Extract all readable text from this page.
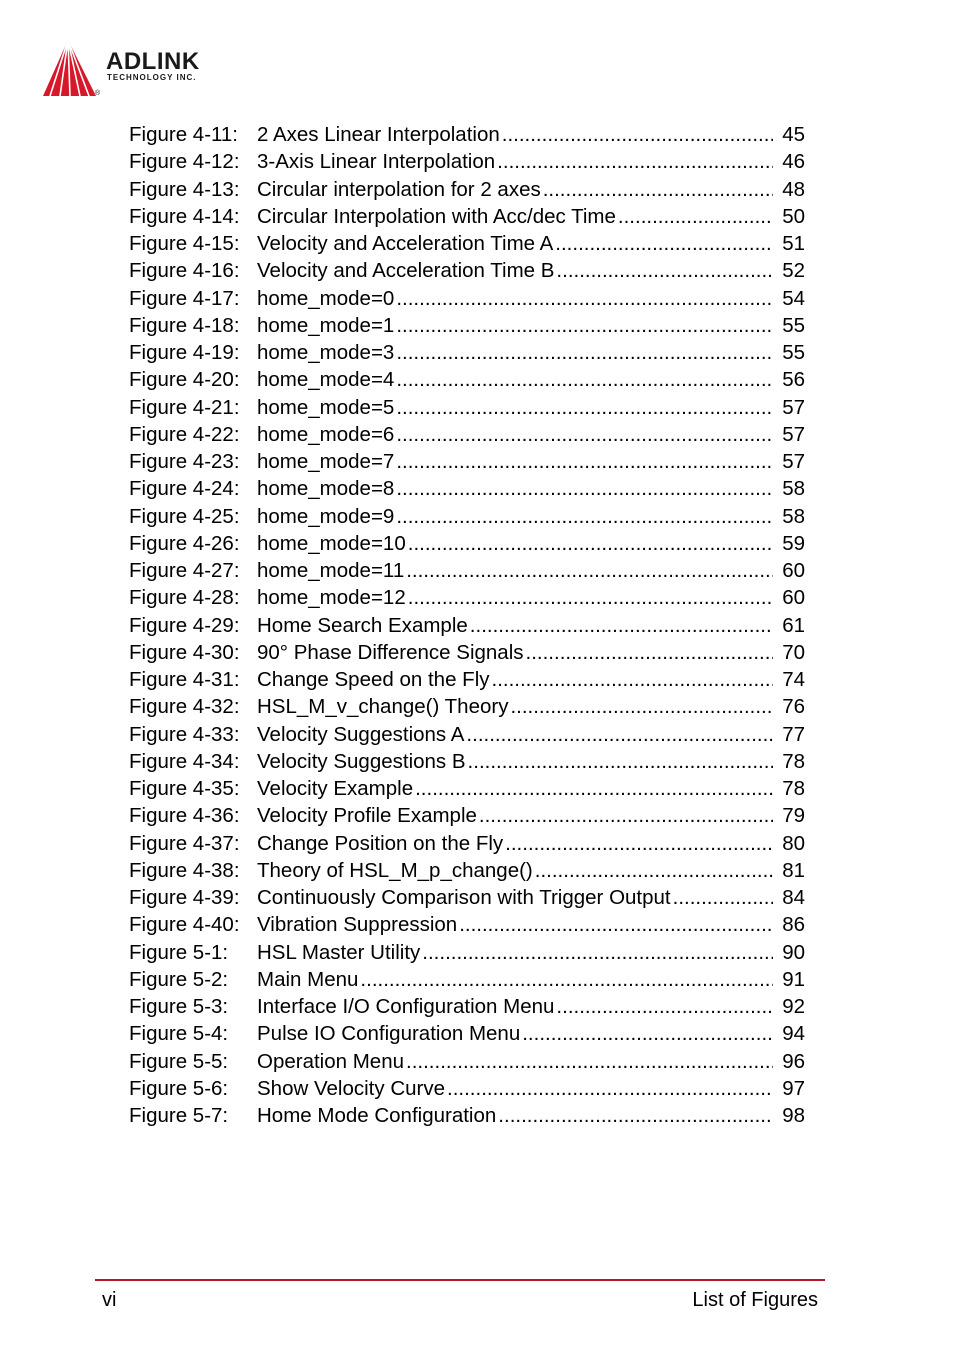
ADLINK
TECHNOLOGY INC.
®
Figure 4-11: 2 Axes Linear Interpolation .....	45
Figure 4-12: 3-Axis Linear Interpolation .....	46
Figure 4-13: Circular interpolation for 2 axes .....	48
Figure 4-14: Circular Interpolation with Acc/dec Time .....	50
Figure 4-15: Velocity and Acceleration Time A .....	51
Figure 4-16: Velocity and Acceleration Time B .....	52
Figure 4-17: home_mode=0 .....	54
Figure 4-18: home_mode=1 .....	55
Figure 4-19: home_mode=3 .....	55
Figure 4-20: home_mode=4 .....	56
Figure 4-21: home_mode=5 .....	57
Figure 4-22: home_mode=6 .....	57
Figure 4-23: home_mode=7 .....	57
Figure 4-24: home_mode=8 .....	58
Figure 4-25: home_mode=9 .....	58
Figure 4-26: home_mode=10 .....	59
Figure 4-27: home_mode=11 .....	60
Figure 4-28: home_mode=12 .....	60
Figure 4-29: Home Search Example .....	61
Figure 4-30: 90° Phase Difference Signals .....	70
Figure 4-31: Change Speed on the Fly .....	74
Figure 4-32: HSL_M_v_change() Theory .....	76
Figure 4-33: Velocity Suggestions A .....	77
Figure 4-34: Velocity Suggestions B .....	78
Figure 4-35: Velocity Example .....	78
Figure 4-36: Velocity Profile Example .....	79
Figure 4-37: Change Position on the Fly .....	80
Figure 4-38: Theory of HSL_M_p_change() .....	81
Figure 4-39: Continuously Comparison with Trigger Output .....	84
Figure 4-40: Vibration Suppression .....	86
Figure 5-1:	HSL Master Utility .....	90
Figure 5-2:	Main Menu .....	91
Figure 5-3:	Interface I/O Configuration Menu .....	92
Figure 5-4:	Pulse IO Configuration Menu .....	94
Figure 5-5:	Operation Menu .....	96
Figure 5-6:	Show Velocity Curve .....	97
Figure 5-7:	Home Mode Configuration .....	98
vi	List of Figures
